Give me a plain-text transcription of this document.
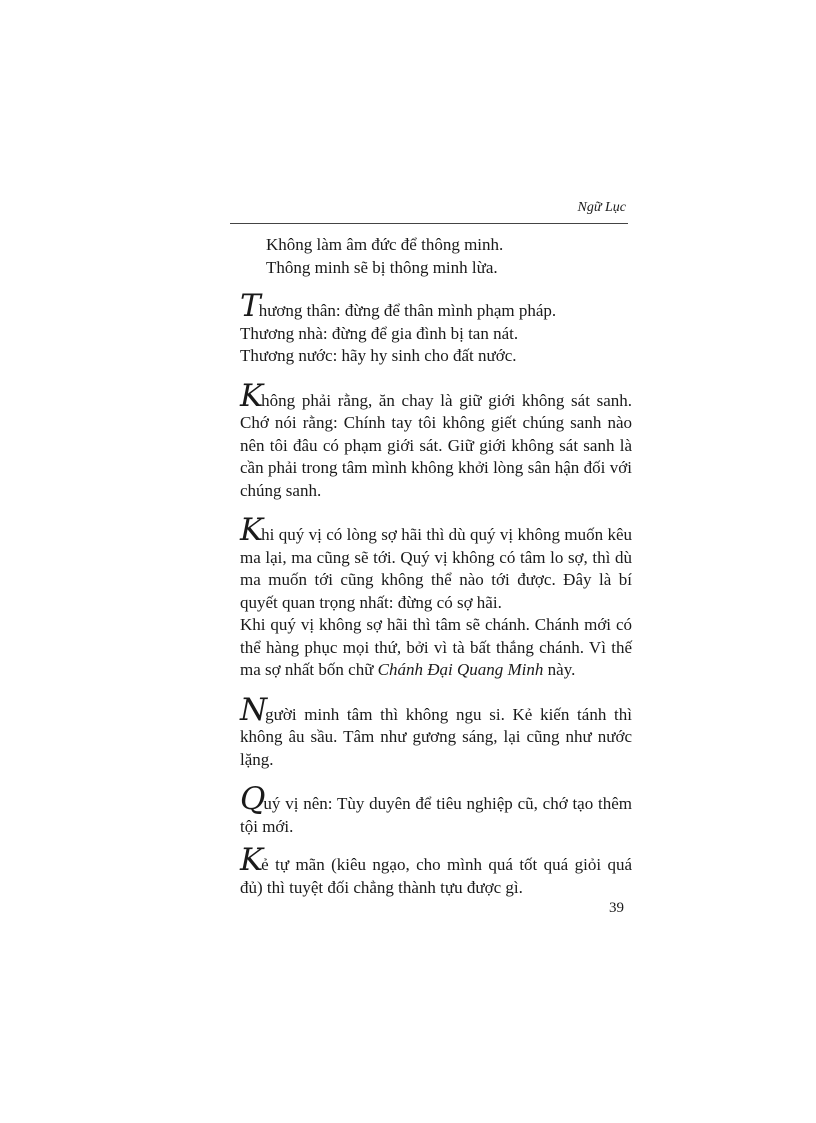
Ngữ Lục

Không làm âm đức để thông minh.

Thông minh sẽ bị thông minh lừa.

Thương thân: đừng để thân mình phạm pháp.

Thương nhà: đừng để gia đình bị tan nát.

Thương nước: hãy hy sinh cho đất nước.

Không phải rằng, ăn chay là giữ giới không sát sanh. Chớ nói rằng: Chính tay tôi không giết chúng sanh nào nên tôi đâu có phạm giới sát. Giữ giới không sát sanh là cần phải trong tâm mình không khởi lòng sân hận đối với chúng sanh.

Khi quý vị có lòng sợ hãi thì dù quý vị không muốn kêu ma lại, ma cũng sẽ tới. Quý vị không có tâm lo sợ, thì dù ma muốn tới cũng không thể nào tới được. Đây là bí quyết quan trọng nhất: đừng có sợ hãi.

Khi quý vị không sợ hãi thì tâm sẽ chánh. Chánh mới có thể hàng phục mọi thứ, bởi vì tà bất thắng chánh. Vì thế ma sợ nhất bốn chữ Chánh Đại Quang Minh này.

Người minh tâm thì không ngu si. Kẻ kiến tánh thì không âu sầu. Tâm như gương sáng, lại cũng như nước lặng.

Quý vị nên: Tùy duyên để tiêu nghiệp cũ, chớ tạo thêm tội mới.

Kẻ tự mãn (kiêu ngạo, cho mình quá tốt quá giỏi quá đủ) thì tuyệt đối chẳng thành tựu được gì.

39
